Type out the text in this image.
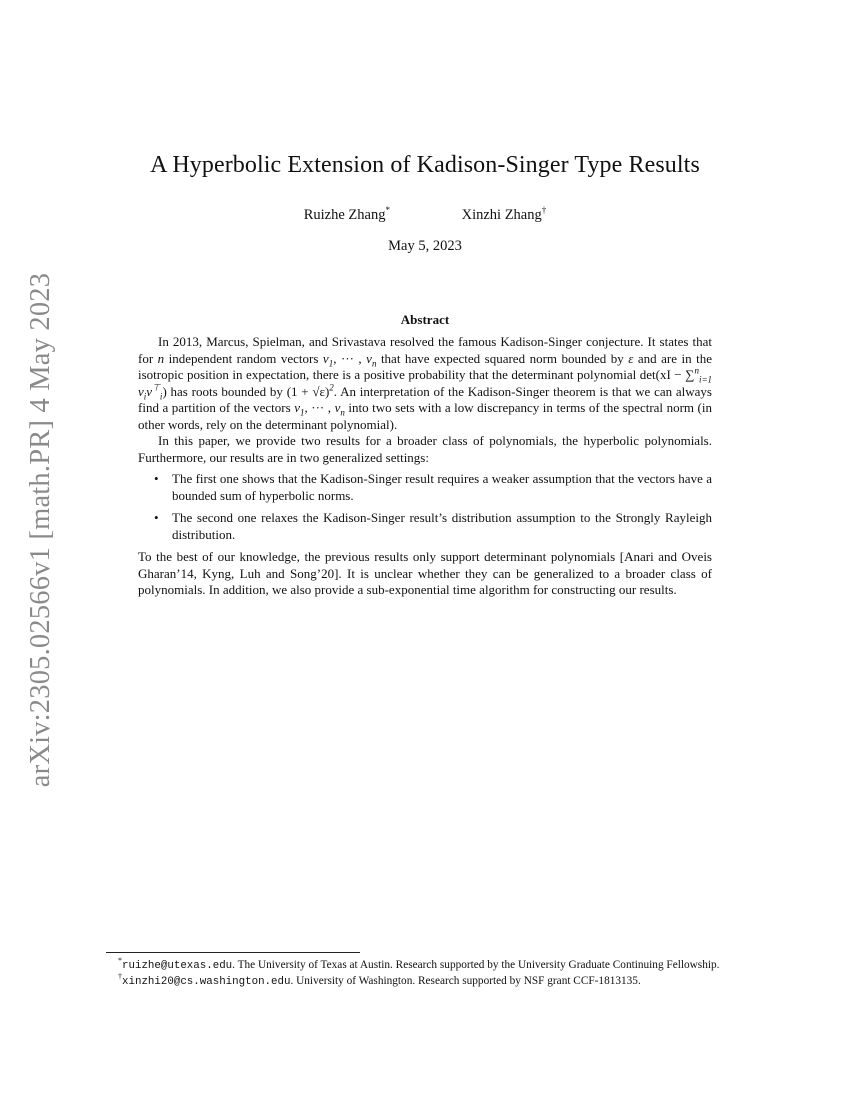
arXiv:2305.02566v1 [math.PR] 4 May 2023
A Hyperbolic Extension of Kadison-Singer Type Results
Ruizhe Zhang*	Xinzhi Zhang†
May 5, 2023
Abstract

In 2013, Marcus, Spielman, and Srivastava resolved the famous Kadison-Singer conjecture. It states that for n independent random vectors $v_1$, ··· , $v_n$ that have expected squared norm bounded by ε and are in the isotropic position in expectation, there is a positive probability that the determinant polynomial det(xI − ∑$^n_{i=1}$ $v_iv^⊤_i$) has roots bounded by $(1 + √\varepsilon)^2$. An interpretation of the Kadison-Singer theorem is that we can always find a partition of the vectors $v_1$, ··· , $v_n$ into two sets with a low discrepancy in terms of the spectral norm (in other words, rely on the determinant polynomial).

In this paper, we provide two results for a broader class of polynomials, the hyperbolic polynomials. Furthermore, our results are in two generalized settings:

• The first one shows that the Kadison-Singer result requires a weaker assumption that the vectors have a bounded sum of hyperbolic norms.
• The second one relaxes the Kadison-Singer result’s distribution assumption to the Strongly Rayleigh distribution.

To the best of our knowledge, the previous results only support determinant polynomials [Anari and Oveis Gharan’14, Kyng, Luh and Song’20]. It is unclear whether they can be generalized to a broader class of polynomials. In addition, we also provide a sub-exponential time algorithm for constructing our results.

*ruizhe@utexas.edu. The University of Texas at Austin. Research supported by the University Graduate Continuing Fellowship.

†xinzhi20@cs.washington.edu. University of Washington. Research supported by NSF grant CCF-1813135.
